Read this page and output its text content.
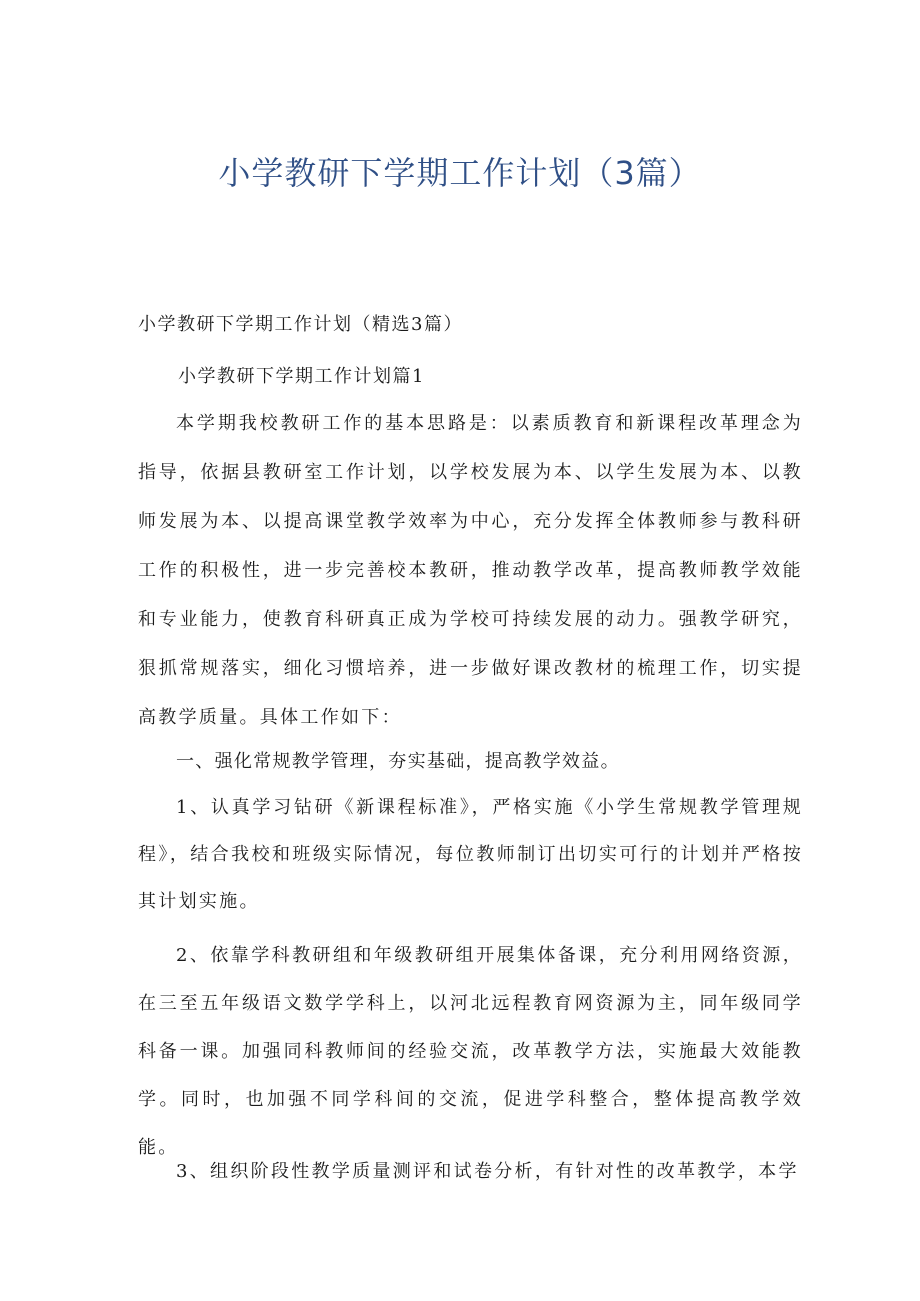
小学教研下学期工作计划（3篇）
小学教研下学期工作计划（精选3篇）
小学教研下学期工作计划篇1
本学期我校教研工作的基本思路是：以素质教育和新课程改革理念为指导，依据县教研室工作计划，以学校发展为本、以学生发展为本、以教师发展为本、以提高课堂教学效率为中心，充分发挥全体教师参与教科研工作的积极性，进一步完善校本教研，推动教学改革，提高教师教学效能和专业能力，使教育科研真正成为学校可持续发展的动力。强教学研究，狠抓常规落实，细化习惯培养，进一步做好课改教材的梳理工作，切实提高教学质量。具体工作如下：
一、强化常规教学管理，夯实基础，提高教学效益。
1、认真学习钻研《新课程标准》，严格实施《小学生常规教学管理规程》，结合我校和班级实际情况，每位教师制订出切实可行的计划并严格按其计划实施。
2、依靠学科教研组和年级教研组开展集体备课，充分利用网络资源，在三至五年级语文数学学科上，以河北远程教育网资源为主，同年级同学科备一课。加强同科教师间的经验交流，改革教学方法，实施最大效能教学。同时，也加强不同学科间的交流，促进学科整合，整体提高教学效能。
3、组织阶段性教学质量测评和试卷分析，有针对性的改革教学，本学
